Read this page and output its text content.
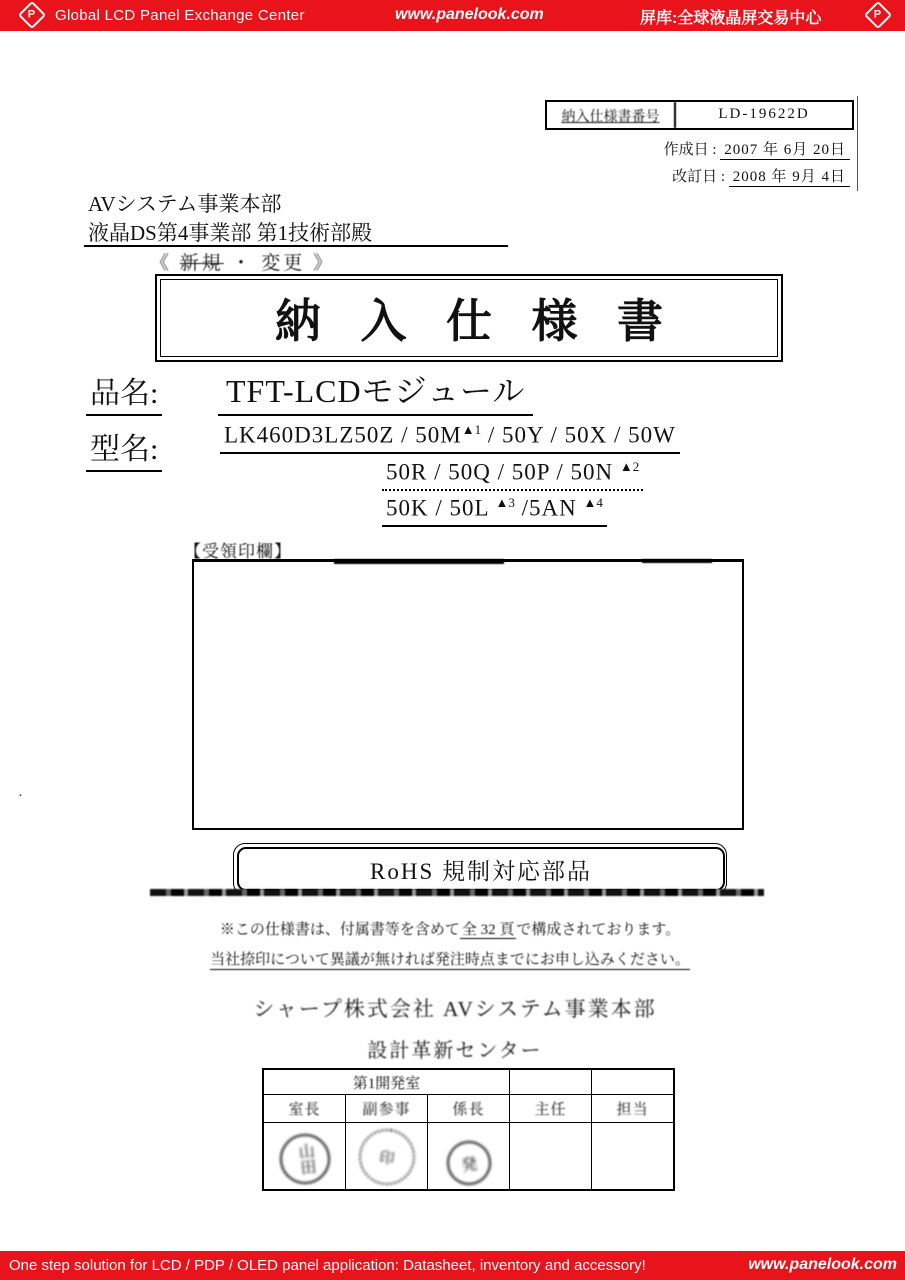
P Global LCD Panel Exchange Center	www.panelook.com	屏库:全球液晶屏交易中心	P
納入仕様書番号	LD-19622D
作成日 : 2007 年 6月 20日
改訂日 : 2008 年 9月 4日
AVシステム事業本部
液晶DS第4事業部 第1技術部殿
《 新規 ・ 変更 》
納 入 仕 様 書
品名: TFT-LCDモジュール
型名:	$LK460D3LZ50Z / 50M^{▲1} / 50Y / 50X / 50W$
50R / 50Q / 50P / 50N $^{▲2}$
50K / 50L $^{▲3}$ /5AN $^{▲4}$
【受領印欄】
·
RoHS 規制対応部品
※この仕様書は、付属書等を含めて 全 32 頁 で構成されております。
当社捺印について異議が無ければ発注時点までにお申し込みください。
シャープ株式会社 AVシステム事業本部
設計革新センター
第1開発室				
室長	副参事	係長	主任	担当

山田	印	発		

One step solution for LCD / PDP / OLED panel application: Datasheet, inventory and accessory!	www.panelook.com
